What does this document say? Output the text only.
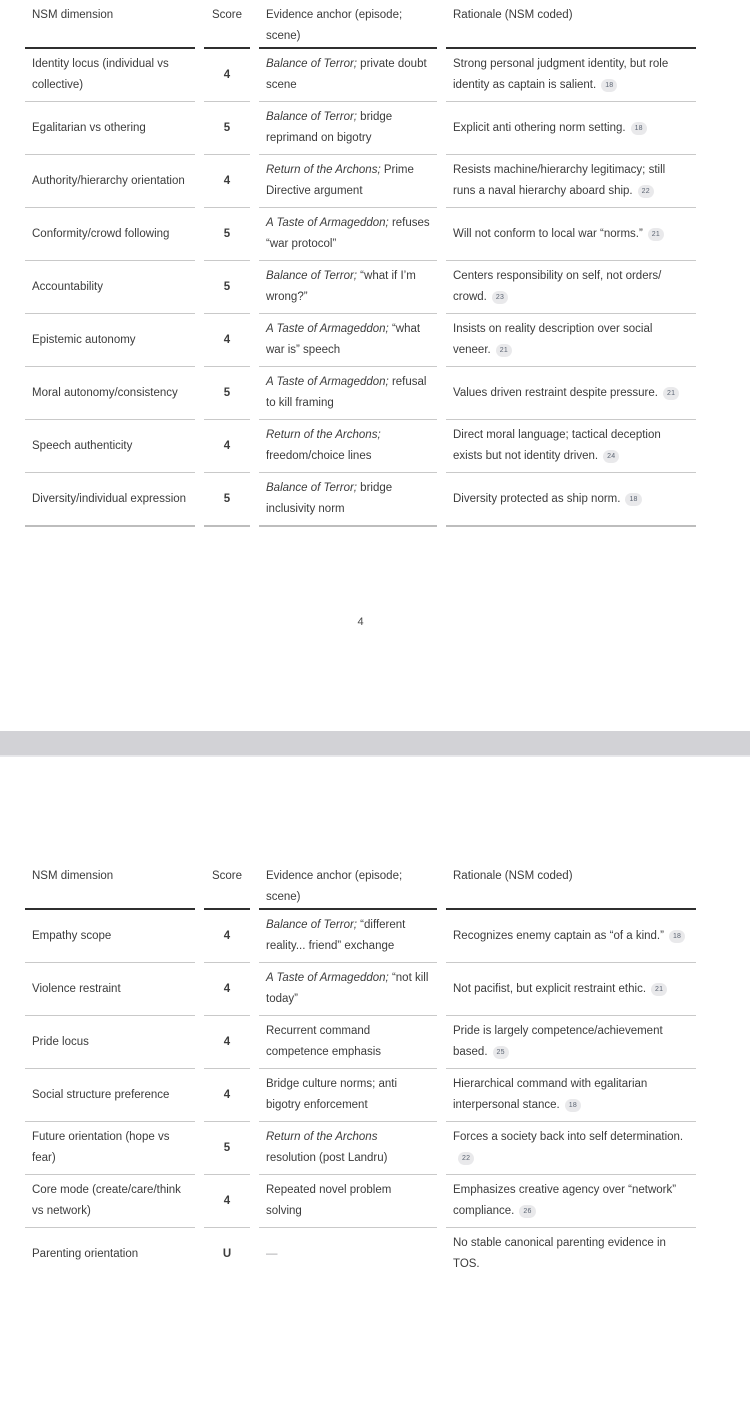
NSM dimension	Score	Evidence anchor (episode; scene)	Rationale (NSM coded)
Identity locus (individual vs collective)	4	Balance of Terror; private doubt scene	Strong personal judgment identity, but role identity as captain is salient. 18
Egalitarian vs othering	5	Balance of Terror; bridge reprimand on bigotry	Explicit anti othering norm setting. 18
Authority/​hierarchy orientation	4	Return of the Archons; Prime Directive argument	Resists machine/​hierarchy legitimacy; still runs a naval hierarchy aboard ship. 22
Conformity/​crowd following	5	A Taste of Armageddon; refuses “war protocol”	Will not conform to local war “norms.” 21
Accountability	5	Balance of Terror; “what if I’m wrong?”	Centers responsibility on self, not orders/​crowd. 23
Epistemic autonomy	4	A Taste of Armageddon; “what war is” speech	Insists on reality description over social veneer. 21
Moral autonomy/​consistency	5	A Taste of Armageddon; refusal to kill framing	Values driven restraint despite pressure. 21
Speech authenticity	4	Return of the Archons; freedom/choice lines	Direct moral language; tactical deception exists but not identity driven. 24
Diversity/​individual expression	5	Balance of Terror; bridge inclusivity norm	Diversity protected as ship norm. 18
4
NSM dimension	Score	Evidence anchor (episode; scene)	Rationale (NSM coded)
Empathy scope	4	Balance of Terror; “different reality... friend” exchange	Recognizes enemy captain as “of a kind.” 18
Violence restraint	4	A Taste of Armageddon; “not kill today”	Not pacifist, but explicit restraint ethic. 21
Pride locus	4	Recurrent command competence emphasis	Pride is largely competence/​achievement based. 25
Social structure preference	4	Bridge culture norms; anti bigotry enforcement	Hierarchical command with egalitarian interpersonal stance. 18
Future orientation (hope vs fear)	5	Return of the Archons resolution (post Landru)	Forces a society back into self determination.22
Core mode (create/​care/​think vs network)	4	Repeated novel problem solving	Emphasizes creative agency over “network” compliance. 26
Parenting orientation	U	—	No stable canonical parenting evidence in TOS.
